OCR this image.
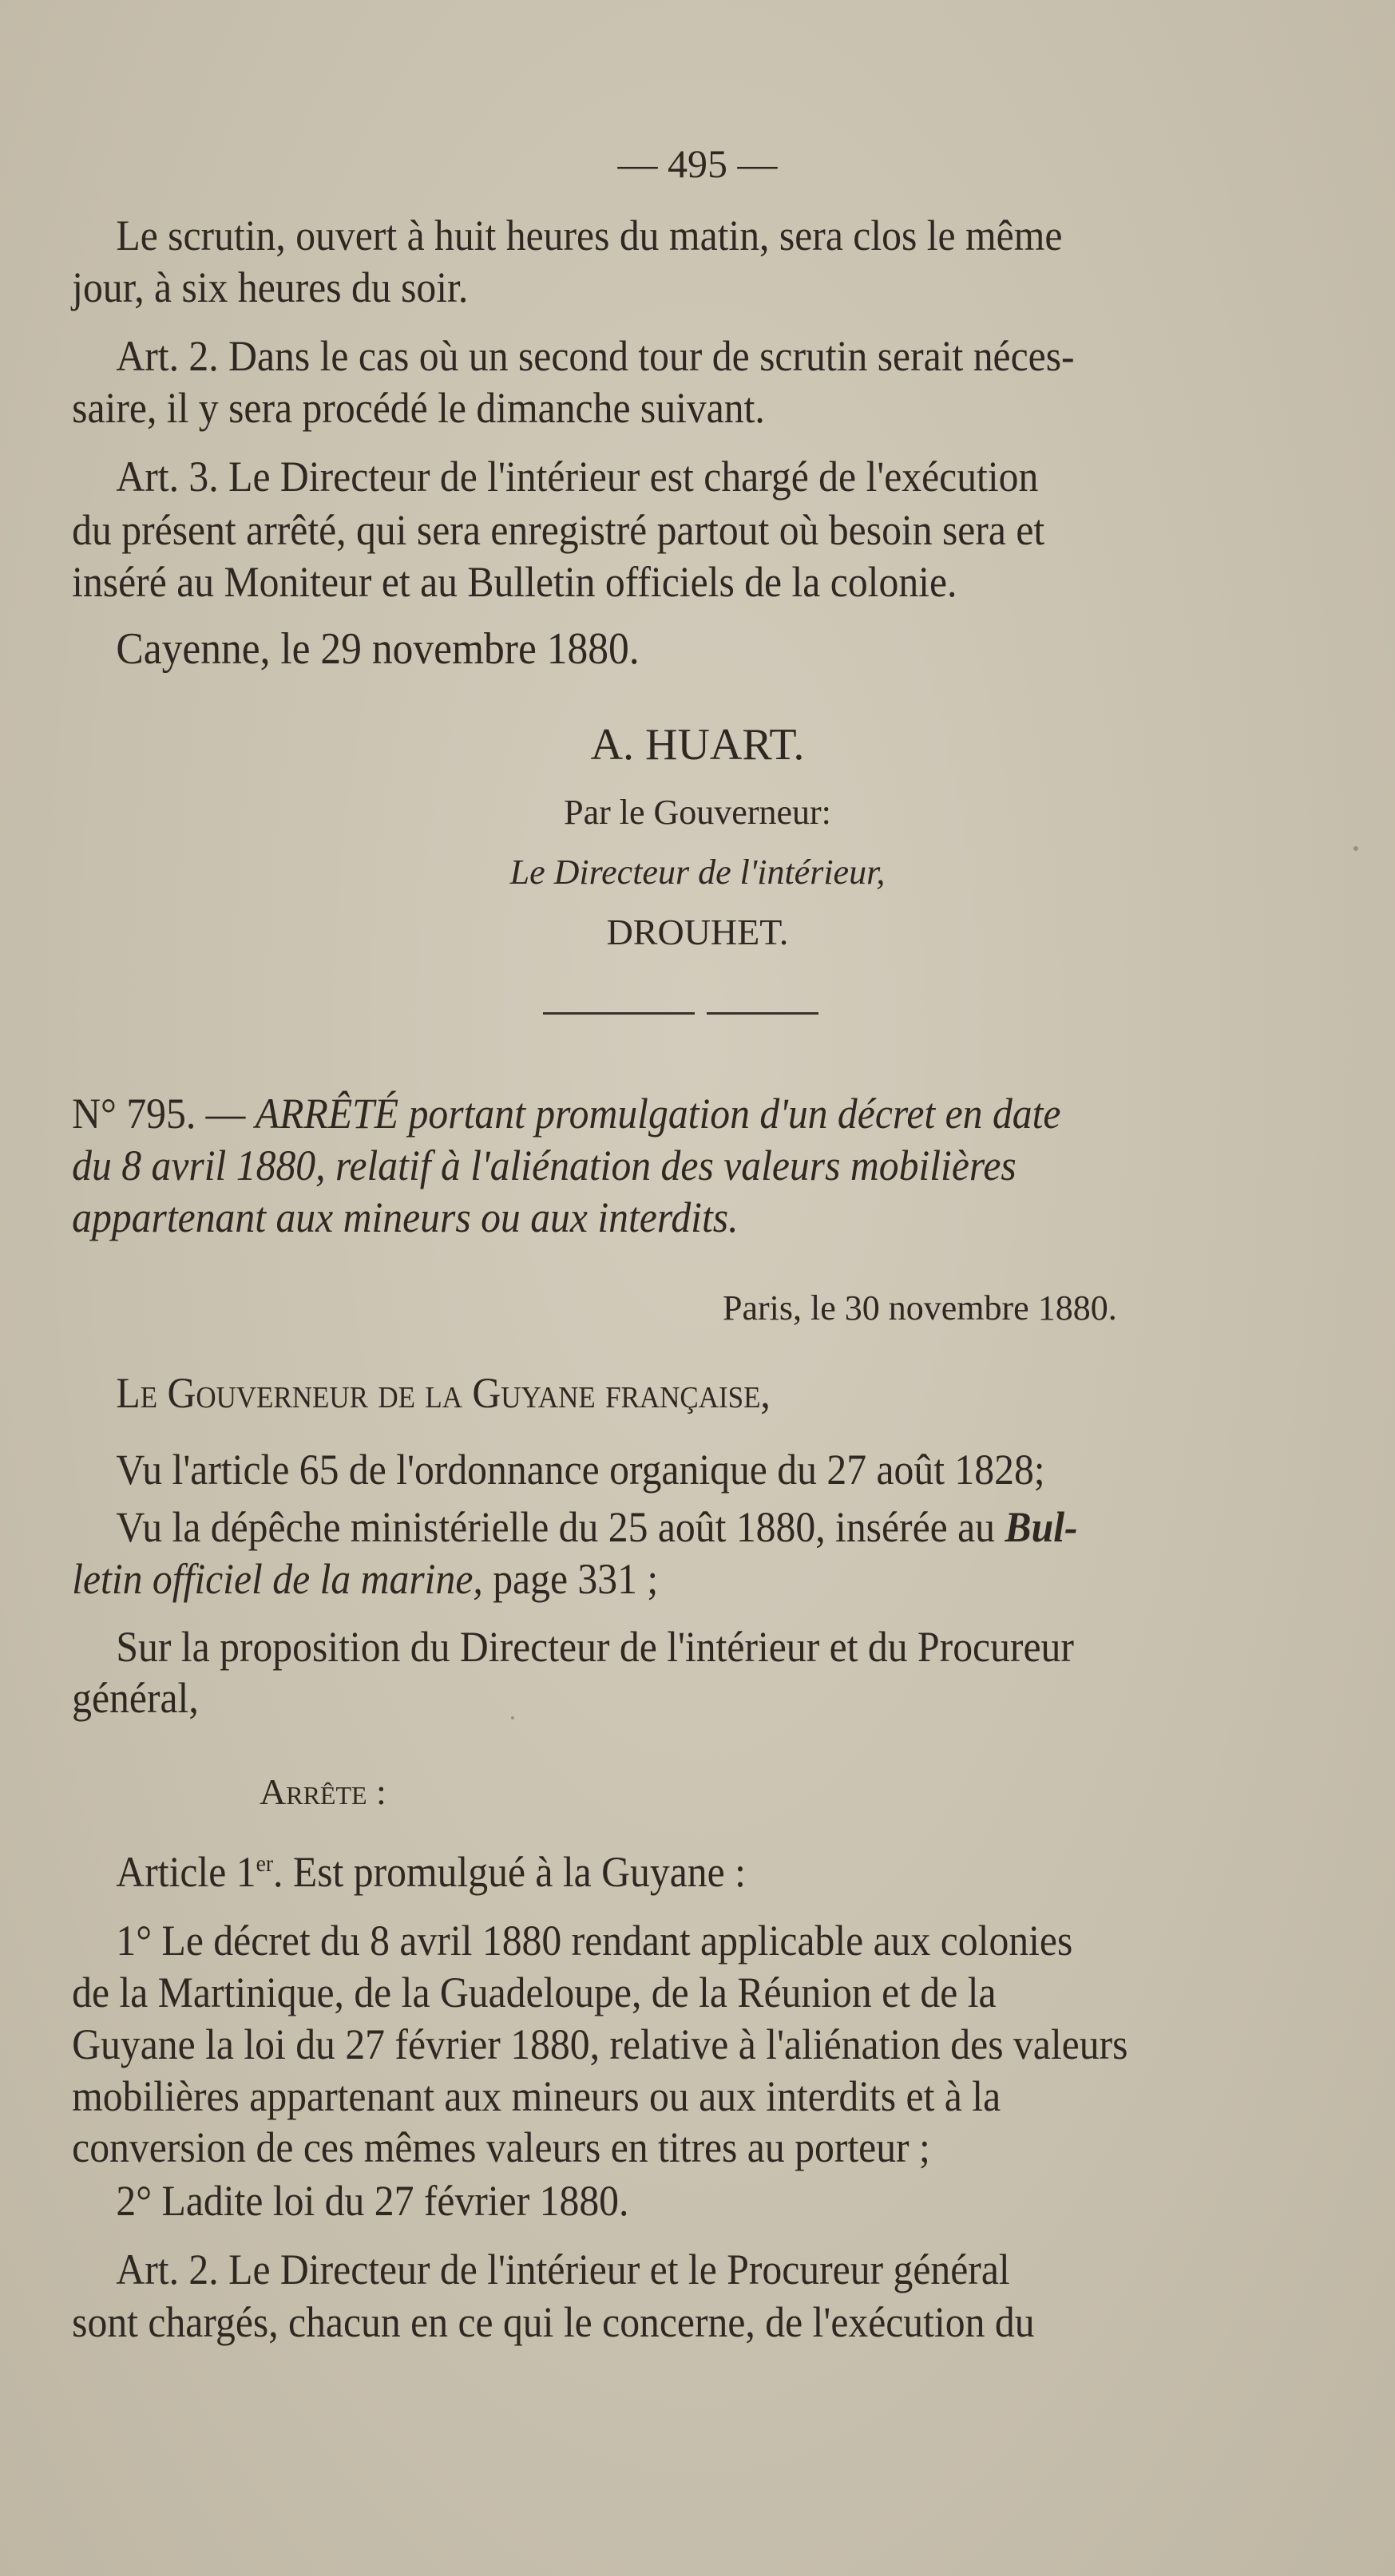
— 495 —
Le scrutin, ouvert à huit heures du matin, sera clos le même
jour, à six heures du soir.
Art. 2. Dans le cas où un second tour de scrutin serait néces-
saire, il y sera procédé le dimanche suivant.
Art. 3. Le Directeur de l'intérieur est chargé de l'exécution
du présent arrêté, qui sera enregistré partout où besoin sera et
inséré au Moniteur et au Bulletin officiels de la colonie.
Cayenne, le 29 novembre 1880.
A. HUART.
Par le Gouverneur:
Le Directeur de l'intérieur,
DROUHET.
N° 795. — ARRÊTÉ portant promulgation d'un décret en date
du 8 avril 1880, relatif à l'aliénation des valeurs mobilières
appartenant aux mineurs ou aux interdits.
Paris, le 30 novembre 1880.
Le Gouverneur de la Guyane française,
Vu l'article 65 de l'ordonnance organique du 27 août 1828;
Vu la dépêche ministérielle du 25 août 1880, insérée au Bul-
letin officiel de la marine, page 331 ;
Sur la proposition du Directeur de l'intérieur et du Procureur
général,
Arrête :
Article 1er. Est promulgué à la Guyane :
1° Le décret du 8 avril 1880 rendant applicable aux colonies
de la Martinique, de la Guadeloupe, de la Réunion et de la
Guyane la loi du 27 février 1880, relative à l'aliénation des valeurs
mobilières appartenant aux mineurs ou aux interdits et à la
conversion de ces mêmes valeurs en titres au porteur ;
2° Ladite loi du 27 février 1880.
Art. 2. Le Directeur de l'intérieur et le Procureur général
sont chargés, chacun en ce qui le concerne, de l'exécution du
